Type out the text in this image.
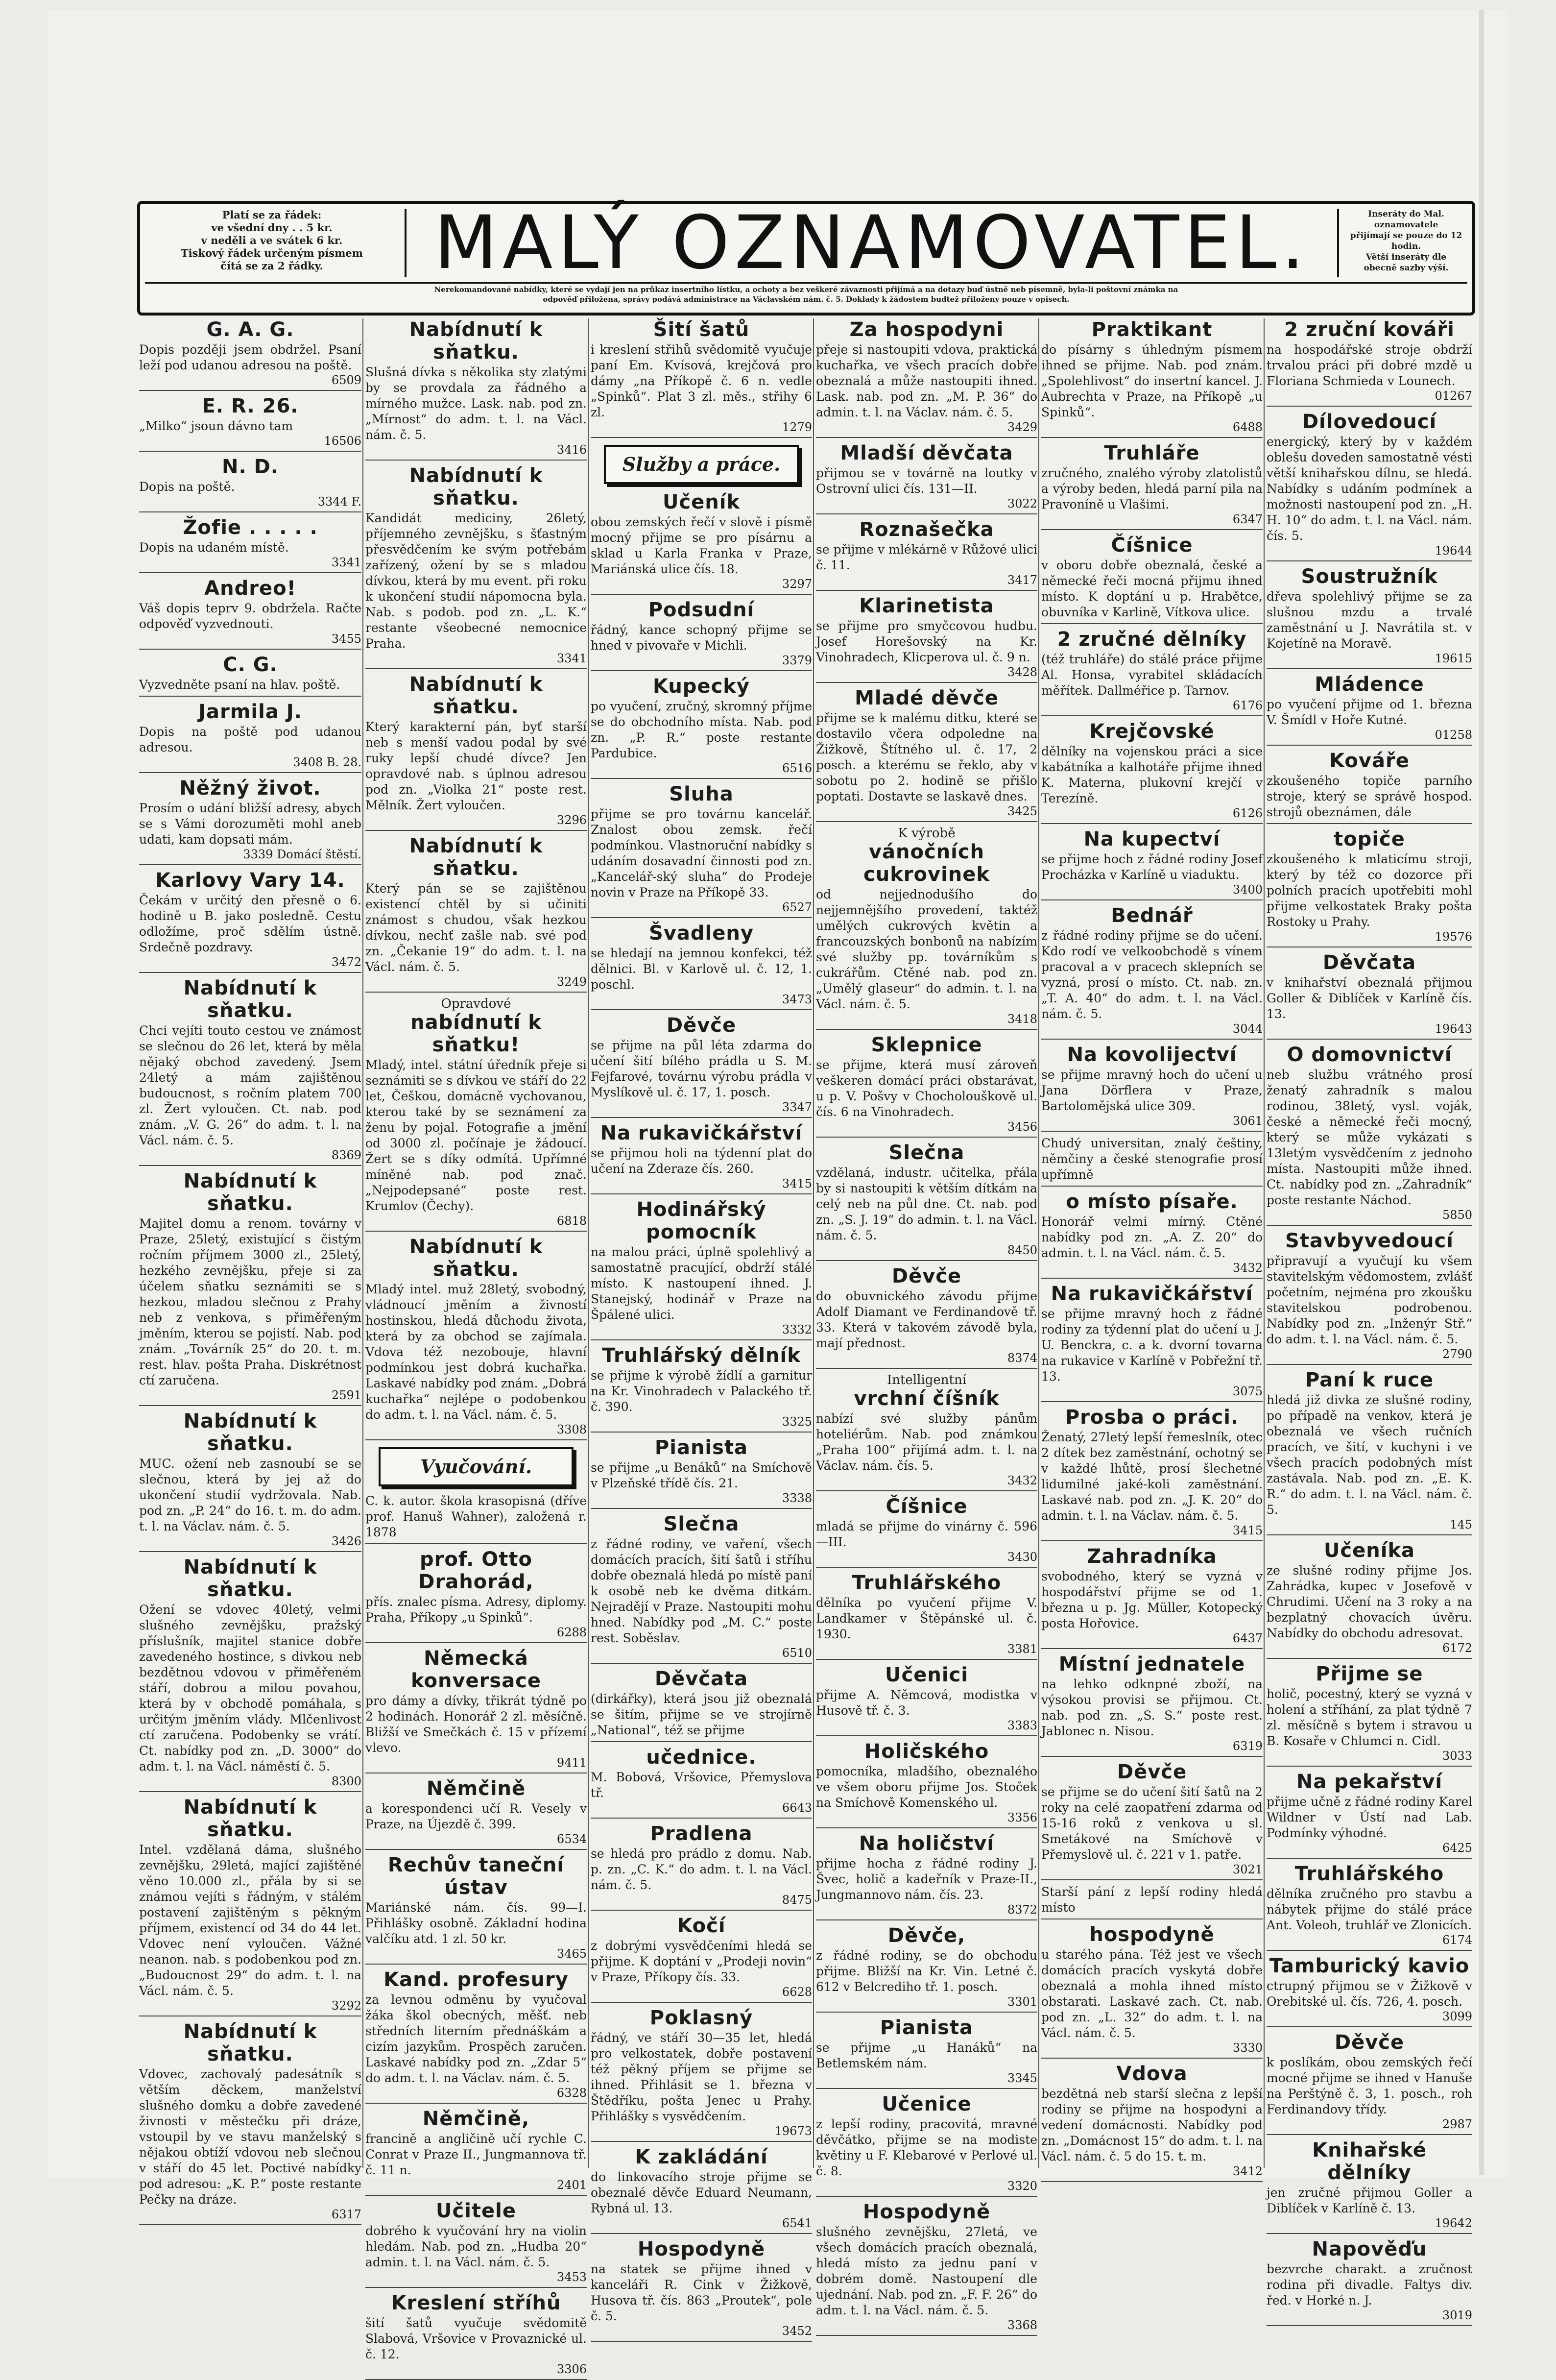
Platí se za řádek:
ve všední dny . . 5 kr.
v neděli a ve svátek 6 kr.
Tiskový řádek určeným písmem
čítá se za 2 řádky.	MALÝ OZNAMOVATEL.	Inseráty do Mal. oznamovatele
přijímají se pouze do 12 hodin.
Větší inseráty dle
obecně sazby výší.
Nerekomandované nabídky, které se vydají jen na průkaz insertního lístku, a ochoty a bez veškeré závaznosti přijímá a na dotazy buď ústně neb písemně, byla-li poštovní známka na
odpověď přiložena, správy podává administrace na Václavském nám. č. 5. Doklady k žádostem budtež přiloženy pouze v opisech.
G. A. G.

Dopis později jsem obdržel. Psaní leží pod udanou adresou na poště.

6509
E. R. 26.

„Milko“ jsoun dávno tam

16506
N. D.

Dopis na poště.

3344 F.
Žofie . . . . .

Dopis na udaném místě.

3341
Andreo!

Váš dopis teprv 9. obdržela. Račte odpověď vyzvednouti.

3455
C. G.

Vyzvedněte psaní na hlav. poště.

Jarmila J.

Dopis na poště pod udanou adresou.

3408 B. 28.
Něžný život.

Prosím o udání bližší adresy, abych se s Vámi dorozuměti mohl aneb udati, kam dopsati mám.

3339 Domácí štěstí.
Karlovy Vary 14.

Čekám v určitý den přesně o 6. hodině u B. jako posledně. Cestu odložíme, proč sdělím ústně. Srdečně pozdravy.

3472
Nabídnutí k sňatku.

Chci vejíti touto cestou ve známost se slečnou do 26 let, která by měla nějaký obchod zavedený. Jsem 24letý a mám zajištěnou budoucnost, s ročním platem 700 zl. Žert vyloučen. Ct. nab. pod znám. „V. G. 26“ do adm. t. l. na Václ. nám. č. 5.

8369
Nabídnutí k sňatku.

Majitel domu a renom. továrny v Praze, 25letý, existující s čistým ročním příjmem 3000 zl., 25letý, hezkého zevnějšku, přeje si za účelem sňatku seznámiti se s hezkou, mladou slečnou z Prahy neb z venkova, s přiměřeným jměním, kterou se pojistí. Nab. pod znám. „Továrník 25“ do 20. t. m. rest. hlav. pošta Praha. Diskrétnost ctí zaručena.

2591
Nabídnutí k sňatku.

MUC. ožení neb zasnoubí se se slečnou, která by jej až do ukončení studií vydržovala. Nab. pod zn. „P. 24“ do 16. t. m. do adm. t. l. na Václav. nám. č. 5.

3426
Nabídnutí k sňatku.

Ožení se vdovec 40letý, velmi slušného zevnějšku, pražský příslušník, majitel stanice dobře zavedeného hostince, s divkou neb bezdětnou vdovou v přiměřeném stáří, dobrou a milou povahou, která by v obchodě pomáhala, s určitým jměním vlády. Mlčenlivost ctí zaručena. Podobenky se vrátí. Ct. nabídky pod zn. „D. 3000“ do adm. t. l. na Václ. náměstí č. 5.

8300
Nabídnutí k sňatku.

Intel. vzdělaná dáma, slušného zevnějšku, 29letá, mající zajištěné věno 10.000 zl., přála by si se známou vejíti s řádným, v stálém postavení zajištěným s pěkným příjmem, existencí od 34 do 44 let. Vdovec není vyloučen. Vážné neanon. nab. s podobenkou pod zn. „Budoucnost 29“ do adm. t. l. na Václ. nám. č. 5.

3292
Nabídnutí k sňatku.

Vdovec, zachovalý padesátník s větším děckem, manželství slušného domku a dobře zavedené živnosti v městečku při dráze, vstoupil by ve stavu manželský s nějakou obtíží vdovou neb slečnou v stáří do 45 let. Poctivé nabídky pod adresou: „K. P.“ poste restante Pečky na dráze.

6317
Nabídnutí k sňatku.

Slušná dívka s několika sty zlatými by se provdala za řádného a mírného mužce. Lask. nab. pod zn. „Mírnost“ do adm. t. l. na Václ. nám. č. 5.

3416
Nabídnutí k sňatku.

Kandidát mediciny, 26letý, příjemného zevnějšku, s šťastným přesvědčením ke svým potřebám zařízený, ožení by se s mladou dívkou, která by mu event. při roku k ukončení studií nápomocna byla. Nab. s podob. pod zn. „L. K.“ restante všeobecné nemocnice Praha.

3341
Nabídnutí k sňatku.

Který karakterní pán, byť starší neb s menší vadou podal by své ruky lepší chudé dívce? Jen opravdové nab. s úplnou adresou pod zn. „Violka 21“ poste rest. Mělník. Žert vyloučen.

3296
Nabídnutí k sňatku.

Který pán se se zajištěnou existencí chtěl by si učiniti známost s chudou, však hezkou dívkou, nechť zašle nab. své pod zn. „Čekanie 19“ do adm. t. l. na Václ. nám. č. 5.

3249
Opravdové
nabídnutí k sňatku!

Mladý, intel. státní úředník přeje si seznámiti se s dívkou ve stáří do 22 let, Češkou, domácně vychovanou, kterou také by se seznámení za ženu by pojal. Fotografie a jmění od 3000 zl. počínaje je žádoucí. Žert se s díky odmítá. Upřímné míněné nab. pod znač. „Nejpodepsané“ poste rest. Krumlov (Čechy).

6818
Nabídnutí k sňatku.

Mladý intel. muž 28letý, svobodný, vládnoucí jměním a živností hostinskou, hledá důchodu života, která by za obchod se zajímala. Vdova též nezobouje, hlavní podmínkou jest dobrá kuchařka. Laskavé nabídky pod znám. „Dobrá kuchařka“ nejlépe o podobenkou do adm. t. l. na Václ. nám. č. 5.

3308
Vyučování.

C. k. autor. škola krasopisná (dříve prof. Hanuš Wahner), založená r. 1878

prof. Otto Drahorád,

přís. znalec písma. Adresy, diplomy. Praha, Příkopy „u Spinků“.

6288
Německá konversace

pro dámy a dívky, třikrát týdně po 2 hodinách. Honorář 2 zl. měsíčně. Bližší ve Smečkách č. 15 v přízemí vlevo.

9411
Němčině

a korespondenci učí R. Vesely v Praze, na Újezdě č. 399.

6534
Rechův taneční ústav

Mariánské nám. čís. 99—I. Přihlášky osobně. Základní hodina valčíku atd. 1 zl. 50 kr.

3465
Kand. profesury

za levnou odměnu by vyučoval žáka škol obecných, měšť. neb středních literním přednáškám a cizím jazykům. Prospěch zaručen. Laskavé nabídky pod zn. „Zdar 5“ do adm. t. l. na Václav. nám. č. 5.

6328
Němčině,

francině a angličině učí rychle C. Conrat v Praze II., Jungmannova tř. č. 11 n.

2401
Učitele

dobrého k vyučování hry na violin hledám. Nab. pod zn. „Hudba 20“ admin. t. l. na Václ. nám. č. 5.

3453
Kreslení stříhů

šití šatů vyučuje svědomitě Slabová, Vršovice v Provaznické ul. č. 12.

3306
Šití šatů

i kreslení střihů svědomitě vyučuje paní Em. Kvísová, krejčová pro dámy „na Příkopě č. 6 n. vedle „Spinků“. Plat 3 zl. měs., střihy 6 zl.

1279
Služby a práce.
Učeník

obou zemských řečí v slově i písmě mocný přijme se pro písárnu a sklad u Karla Franka v Praze, Mariánská ulice čís. 18.

3297
Podsudní

řádný, kance schopný přijme se hned v pivovaře v Michli.

3379
Kupecký

po vyučení, zručný, skromný příjme se do obchodního místa. Nab. pod zn. „P. R.“ poste restante Pardubice.

6516
Sluha

přijme se pro továrnu kancelář. Znalost obou zemsk. řečí podmínkou. Vlastnoruční nabídky s udáním dosavadní činnosti pod zn. „Kancelář-ský sluha“ do Prodeje novin v Praze na Příkopě 33.

6527
Švadleny

se hledají na jemnou konfekci, též dělnici. Bl. v Karlově ul. č. 12, 1. poschl.

3473
Děvče

se přijme na půl léta zdarma do učení šití bílého prádla u S. M. Fejfarové, továrnu výrobu prádla v Myslíkově ul. č. 17, 1. posch.

3347
Na rukavičkářství

se přijmou holi na týdenní plat do učení na Zderaze čís. 260.

3415
Hodinářský pomocník

na malou práci, úplně spolehlivý a samostatně pracující, obdrží stálé místo. K nastoupení ihned. J. Stanejský, hodinář v Praze na Špálené ulici.

3332
Truhlářský dělník

se přijme k výrobě žídlí a garnitur na Kr. Vinohradech v Palackého tř. č. 390.

3325
Pianista

se přijme „u Benáků“ na Smíchově v Plzeňské třídě čís. 21.

3338
Slečna

z řádné rodiny, ve vaření, všech domácích pracích, šití šatů i stříhu dobře obeznalá hledá po místě paní k osobě neb ke dvěma ditkám. Nejradějí v Praze. Nastoupiti mohu hned. Nabídky pod „M. C.“ poste rest. Soběslav.

6510
Děvčata

(dirkářky), která jsou již obeznalá se šitím, přijme se ve strojírně „National“, též se přijme

učednice.

M. Bobová, Vršovice, Přemyslova tř.

6643
Pradlena

se hledá pro prádlo z domu. Nab. p. zn. „C. K.“ do adm. t. l. na Václ. nám. č. 5.

8475
Kočí

z dobrými vysvědčeními hledá se přijme. K doptání v „Prodeji novin“ v Praze, Příkopy čís. 33.

6628
Poklasný

řádný, ve stáří 30—35 let, hledá pro velkostatek, dobře postavení též pěkný příjem se přijme se ihned. Přihlásit se 1. března v Štědříku, pošta Jenec u Prahy. Přihlášky s vysvědčením.

19673
K zakládání

do linkovacího stroje přijme se obeznalé děvče Eduard Neumann, Rybná ul. 13.

6541
Hospodyně

na statek se přijme ihned v kanceláři R. Cink v Žižkově, Husova tř. čís. 863 „Proutek“, pole č. 5.

3452
Za hospodyni

přeje si nastoupiti vdova, praktická kuchařka, ve všech pracích dobře obeznalá a může nastoupiti ihned. Lask. nab. pod zn. „M. P. 36“ do admin. t. l. na Václav. nám. č. 5.

3429
Mladší děvčata

přijmou se v továrně na loutky v Ostrovní ulici čís. 131—II.

3022
Roznašečka

se přijme v mlékárně v Růžové ulici č. 11.

3417
Klarinetista

se přijme pro smyčcovou hudbu. Josef Horešovský na Kr. Vinohradech, Klicperova ul. č. 9 n.

3428
Mladé děvče

přijme se k malému ditku, které se dostavilo včera odpoledne na Žižkově, Štítného ul. č. 17, 2 posch. a kterému se řeklo, aby v sobotu po 2. hodině se přišlo poptati. Dostavte se laskavě dnes.

3425
K výrobě
vánočních cukrovinek

od nejjednodušího do nejjemnějšího provedení, taktéž umělých cukrových květin a francouzských bonbonů na nabízím své služby pp. továrníkům s cukrářům. Ctěné nab. pod zn. „Umělý glaseur“ do admin. t. l. na Václ. nám. č. 5.

3418
Sklepnice

se přijme, která musí zároveň veškeren domácí práci obstarávat, u p. V. Pošvy v Chocholouškově ul. čís. 6 na Vinohradech.

3456
Slečna

vzdělaná, industr. učitelka, přála by si nastoupiti k větším dítkám na celý neb na půl dne. Ct. nab. pod zn. „S. J. 19“ do admin. t. l. na Václ. nám. č. 5.

8450
Děvče

do obuvnického závodu přijme Adolf Diamant ve Ferdinandově tř. 33. Která v takovém závodě byla, mají přednost.

8374
Intelligentní
vrchní číšník

nabízí své služby pánům hoteliérům. Nab. pod známkou „Praha 100“ přijímá adm. t. l. na Václav. nám. čís. 5.

3432
Číšnice

mladá se přijme do vinárny č. 596—III.

3430
Truhlářského

dělníka po vyučení přijme V. Landkamer v Štěpánské ul. č. 1930.

3381
Učenici

přijme A. Němcová, modistka v Husově tř. č. 3.

3383
Holičského

pomocníka, mladšího, obeznalého ve všem oboru přijme Jos. Stoček na Smíchově Komenského ul.

3356
Na holičství

přijme hocha z řádné rodiny J. Švec, holič a kadeřník v Praze-II., Jungmannovo nám. čís. 23.

8372
Děvče,

z řádné rodiny, se do obchodu přijme. Bližší na Kr. Vin. Letné č. 612 v Belcrediho tř. 1. posch.

3301
Pianista

se přijme „u Hanáků“ na Betlemském nám.

3345
Učenice

z lepší rodiny, pracovitá, mravné děvčátko, přijme se na modiste květiny u F. Klebarové v Perlové ul. č. 8.

3320
Hospodyně

slušného zevnějšku, 27letá, ve všech domácích pracích obeznalá, hledá místo za jednu paní v dobrém domě. Nastoupení dle ujednání. Nab. pod zn. „F. F. 26“ do adm. t. l. na Václ. nám. č. 5.

3368
Praktikant

do písárny s úhledným písmem ihned se přijme. Nab. pod znám. „Spolehlivost“ do insertní kancel. J. Aubrechta v Praze, na Příkopě „u Spinků“.

6488
Truhláře

zručného, znalého výroby zlatolistů a výroby beden, hledá parní pila na Pravoníně u Vlašimi.

6347
Číšnice

v oboru dobře obeznalá, české a německé řeči mocná přijmu ihned místo. K doptání u p. Hrabětce, obuvníka v Karlině, Vítkova ulice.

2 zručné dělníky

(též truhláře) do stálé práce přijme Al. Honsa, vyrabitel skládacích měřítek. Dallméřice p. Tarnov.

6176
Krejčovské

dělníky na vojenskou práci a sice kabátníka a kalhotáře přijme ihned K. Materna, plukovní krejčí v Terezíně.

6126
Na kupectví

se přijme hoch z řádné rodiny Josef Procházka v Karlíně u viaduktu.

3400
Bednář

z řádné rodiny přijme se do učení. Kdo rodí ve velkoobchodě s vínem pracoval a v pracech sklepních se vyzná, prosí o místo. Ct. nab. zn. „T. A. 40“ do adm. t. l. na Václ. nám. č. 5.

3044
Na kovolijectví

se přijme mravný hoch do učení u Jana Dörflera v Praze, Bartolomějská ulice 309.

3061

Chudý universitan, znalý češtiny, němčiny a české stenografie prosí upřímně

o místo písaře.

Honorář velmi mírný. Ctěné nabídky pod zn. „A. Z. 20“ do admin. t. l. na Václ. nám. č. 5.

3432
Na rukavičkářství

se přijme mravný hoch z řádné rodiny za týdenní plat do učení u J. U. Benckra, c. a k. dvorní tovarna na rukavice v Karlíně v Pobřežní tř. 13.

3075
Prosba o práci.

Ženatý, 27letý lepší řemeslník, otec 2 dítek bez zaměstnání, ochotný se v každé lhůtě, prosí šlechetné lidumilné jaké-koli zaměstnání. Laskavé nab. pod zn. „J. K. 20“ do admin. t. l. na Václav. nám. č. 5.

3415
Zahradníka

svobodného, který se vyzná v hospodářství přijme se od 1. března u p. Jg. Müller, Kotopecký posta Hořovice.

6437
Místní jednatele

na lehko odknpné zboží, na výsokou provisi se přijmou. Ct. nab. pod zn. „S. S.“ poste rest. Jablonec n. Nisou.

6319
Děvče

se přijme se do učení šití šatů na 2 roky na celé zaopatření zdarma od 15-16 roků z venkova u sl. Smetákové na Smíchově v Přemyslově ul. č. 221 v 1. patře.

3021

Starší pání z lepší rodiny hledá místo

hospodyně

u starého pána. Též jest ve všech domácích pracích vyskytá dobře obeznalá a mohla ihned místo obstarati. Laskavé zach. Ct. nab. pod zn. „L. 32“ do adm. t. l. na Václ. nám. č. 5.

3330
Vdova

bezdětná neb starší slečna z lepší rodiny se přijme na hospodyni a vedení domácnosti. Nabídky pod zn. „Domácnost 15“ do adm. t. l. na Václ. nám. č. 5 do 15. t. m.

3412
2 zruční kováři

na hospodářské stroje obdrží trvalou práci při dobré mzdě u Floriana Schmieda v Lounech.

01267
Dílovedoucí

energický, který by v každém oblešu doveden samostatně vésti větší knihařskou dílnu, se hledá. Nabídky s udáním podmínek a možnosti nastoupení pod zn. „H. H. 10“ do adm. t. l. na Václ. nám. čís. 5.

19644
Soustružník

dřeva spolehlivý přijme se za slušnou mzdu a trvalé zaměstnání u J. Navrátila st. v Kojetíně na Moravě.

19615
Mládence

po vyučení přijme od 1. března V. Šmídl v Hoře Kutné.

01258
Kováře

zkoušeného topiče parního stroje, který se správě hospod. strojů obeznámen, dále

topiče

zkoušeného k mlaticímu stroji, který by též co dozorce při polních pracích upotřebiti mohl přijme velkostatek Braky pošta Rostoky u Prahy.

19576
Děvčata

v knihařství obeznalá přijmou Goller & Diblíček v Karlíně čís. 13.

19643
O domovnictví

neb službu vrátného prosí ženatý zahradník s malou rodinou, 38letý, vysl. voják, české a německé řeči mocný, který se může vykázati s 13letým vysvědčením z jednoho místa. Nastoupiti může ihned. Ct. nabídky pod zn. „Zahradník“ poste restante Náchod.

5850
Stavbyvedoucí

připravují a vyučují ku všem stavitelským vědomostem, zvlášť početním, nejména pro zkoušku stavitelskou podrobenou. Nabídky pod zn. „Inženýr Stř.“ do adm. t. l. na Václ. nám. č. 5.

2790
Paní k ruce

hledá již divka ze slušné rodiny, po případě na venkov, která je obeznalá ve všech ručních pracích, ve šití, v kuchyni i ve všech pracích podobných míst zastávala. Nab. pod zn. „E. K. R.“ do adm. t. l. na Václ. nám. č. 5.

145
Učeníka

ze slušné rodiny přijme Jos. Zahrádka, kupec v Josefově v Chrudimi. Učení na 3 roky a na bezplatný chovacích úvěru. Nabídky do obchodu adresovat.

6172
Přijme se

holič, pocestný, který se vyzná v holení a stříhání, za plat týdně 7 zl. měsíčně s bytem i stravou u B. Kosaře v Chlumci n. Cidl.

3033
Na pekařství

přijme učně z řádné rodiny Karel Wildner v Ústí nad Lab. Podmínky výhodné.

6425
Truhlářského

dělníka zručného pro stavbu a nábytek přijme do stálé práce Ant. Voleoh, truhlář ve Zlonicích.

6174
Tamburický kavio

ctrupný přijmou se v Žižkově v Orebitské ul. čís. 726, 4. posch.

3099
Děvče

k poslíkám, obou zemských řečí mocné přijme se ihned v Hanuše na Perštýně č. 3, 1. posch., roh Ferdinandovy třídy.

2987
Knihařské dělníky

jen zručné přijmou Goller a Diblíček v Karlíně č. 13.

19642
Napověďu

bezvrche charakt. a zručnost rodina při divadle. Faltys div. řed. v Horké n. J.

3019
